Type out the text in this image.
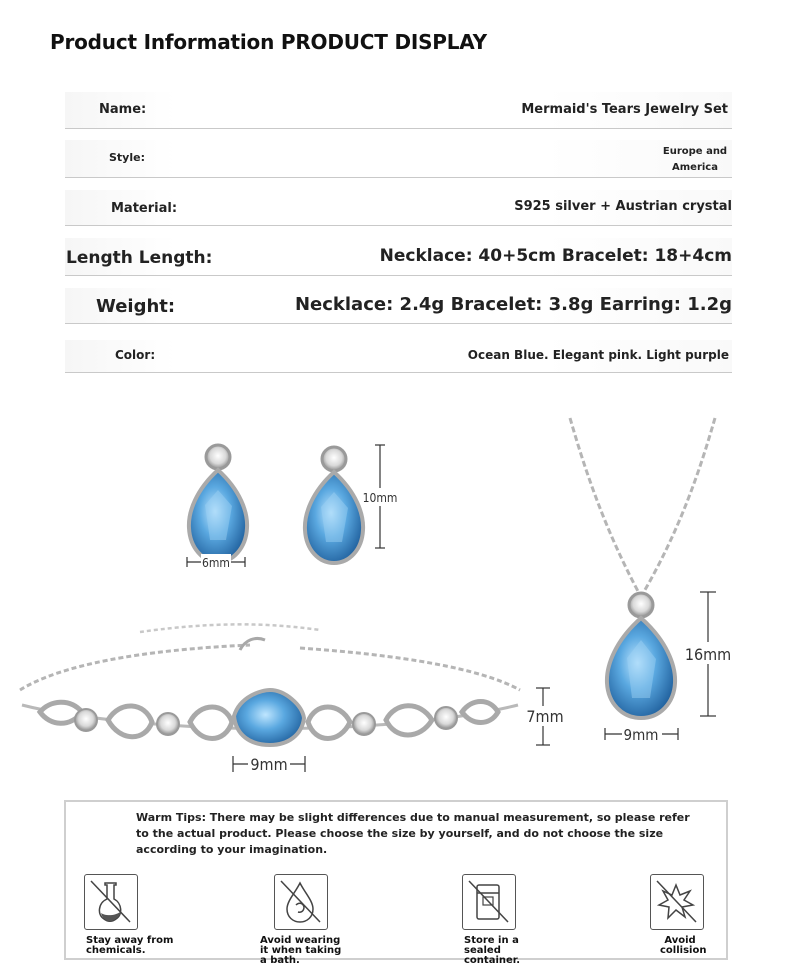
Product Information PRODUCT DISPLAY
Name:	Mermaid's Tears Jewelry Set
Style:	Europe and America
Material:	S925 silver + Austrian crystal
Length Length:	Necklace: 40+5cm Bracelet: 18+4cm
Weight:	Necklace: 2.4g Bracelet: 3.8g Earring: 1.2g
Color:	Ocean Blue. Elegant pink. Light purple
6mm
10mm
16mm
9mm
9mm
7mm
Warm Tips: There may be slight differences due to manual measurement, so please refer to the actual product. Please choose the size by yourself, and do not choose the size according to your imagination.
Stay away from chemicals.
Avoid wearing it when taking a bath.
Store in a sealed container.
Avoid collision
